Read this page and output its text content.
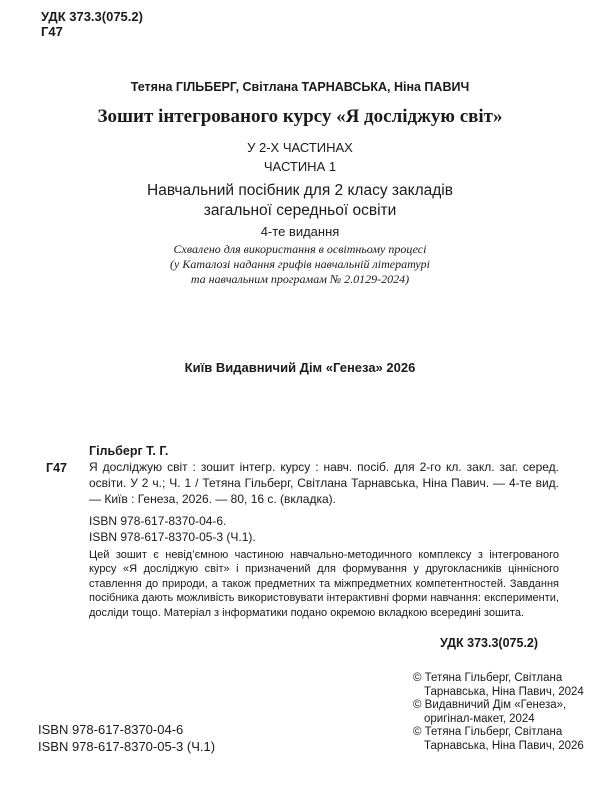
УДК 373.3(075.2)
Г47
Тетяна ГІЛЬБЕРГ, Світлана ТАРНАВСЬКА, Ніна ПАВИЧ
Зошит інтегрованого курсу «Я досліджую світ»
У 2-Х ЧАСТИНАХ
ЧАСТИНА 1
Навчальний посібник для 2 класу закладів
загальної середньої освіти
4-те видання
Схвалено для використання в освітньому процесі
(у Каталозі надання грифів навчальній літературі
та навчальним програмам № 2.0129-2024)
Київ Видавничий Дім «Генеза» 2026
Гільберг Т. Г.
Г47 Я досліджую світ : зошит інтегр. курсу : навч. посіб. для 2-го кл. закл. заг. серед. освіти. У 2 ч.; Ч. 1 / Тетяна Гільберг, Світлана Тарнавська, Ніна Павич. — 4-те вид. — Київ : Генеза, 2026. — 80, 16 с. (вкладка).
ISBN 978-617-8370-04-6.
ISBN 978-617-8370-05-3 (Ч.1).
Цей зошит є невід’ємною частиною навчально-методичного комплексу з інтегрованого курсу «Я досліджую світ» і призначений для формування у другокласників ціннісного ставлення до природи, а також предметних та міжпредметних компетентностей. Завдання посібника дають можливість використовувати інтерактивні форми навчання: експерименти, досліди тощо. Матеріал з інформатики подано окремою вкладкою всередині зошита.
УДК 373.3(075.2)
© Тетяна Гільберг, Світлана
Тарнавська, Ніна Павич, 2024
© Видавничий Дім «Генеза»,
оригінал-макет, 2024
© Тетяна Гільберг, Світлана
Тарнавська, Ніна Павич, 2026
ISBN 978-617-8370-04-6
ISBN 978-617-8370-05-3 (Ч.1)
